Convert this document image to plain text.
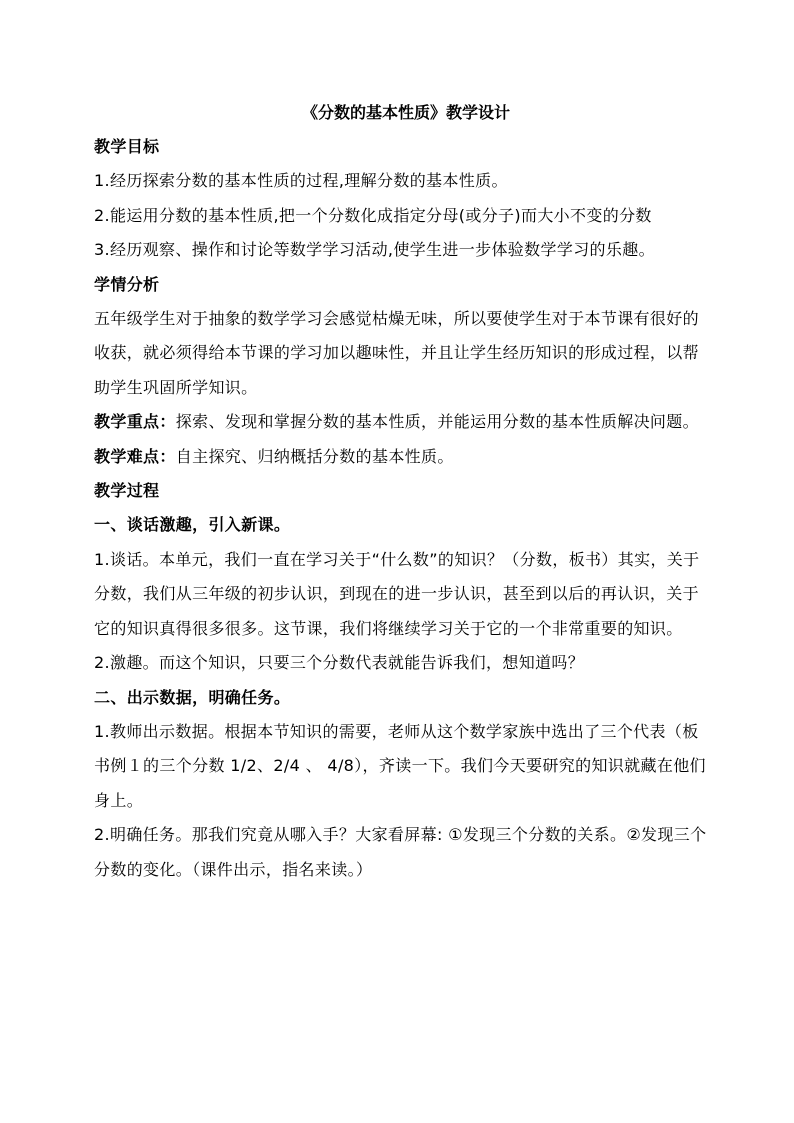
《分数的基本性质》教学设计

教学目标

1.经历探索分数的基本性质的过程,理解分数的基本性质。

2.能运用分数的基本性质,把一个分数化成指定分母(或分子)而大小不变的分数

3.经历观察、操作和讨论等数学学习活动,使学生进一步体验数学学习的乐趣。

学情分析

五年级学生对于抽象的数学学习会感觉枯燥无味，所以要使学生对于本节课有很好的收获，就必须得给本节课的学习加以趣味性，并且让学生经历知识的形成过程，以帮助学生巩固所学知识。

教学重点：探索、发现和掌握分数的基本性质，并能运用分数的基本性质解决问题。

教学难点：自主探究、归纳概括分数的基本性质。

教学过程

一、谈话激趣，引入新课。

1.谈话。本单元，我们一直在学习关于“什么数”的知识？（分数，板书）其实，关于分数，我们从三年级的初步认识，到现在的进一步认识，甚至到以后的再认识，关于它的知识真得很多很多。这节课，我们将继续学习关于它的一个非常重要的知识。

2.激趣。而这个知识，只要三个分数代表就能告诉我们，想知道吗？

二、出示数据，明确任务。

1.教师出示数据。根据本节知识的需要，老师从这个数学家族中选出了三个代表（板书例１的三个分数 1/2、2/4 、 4/8），齐读一下。我们今天要研究的知识就藏在他们身上。

2.明确任务。那我们究竟从哪入手？大家看屏幕: ①发现三个分数的关系。②发现三个分数的变化。（课件出示，指名来读。）
